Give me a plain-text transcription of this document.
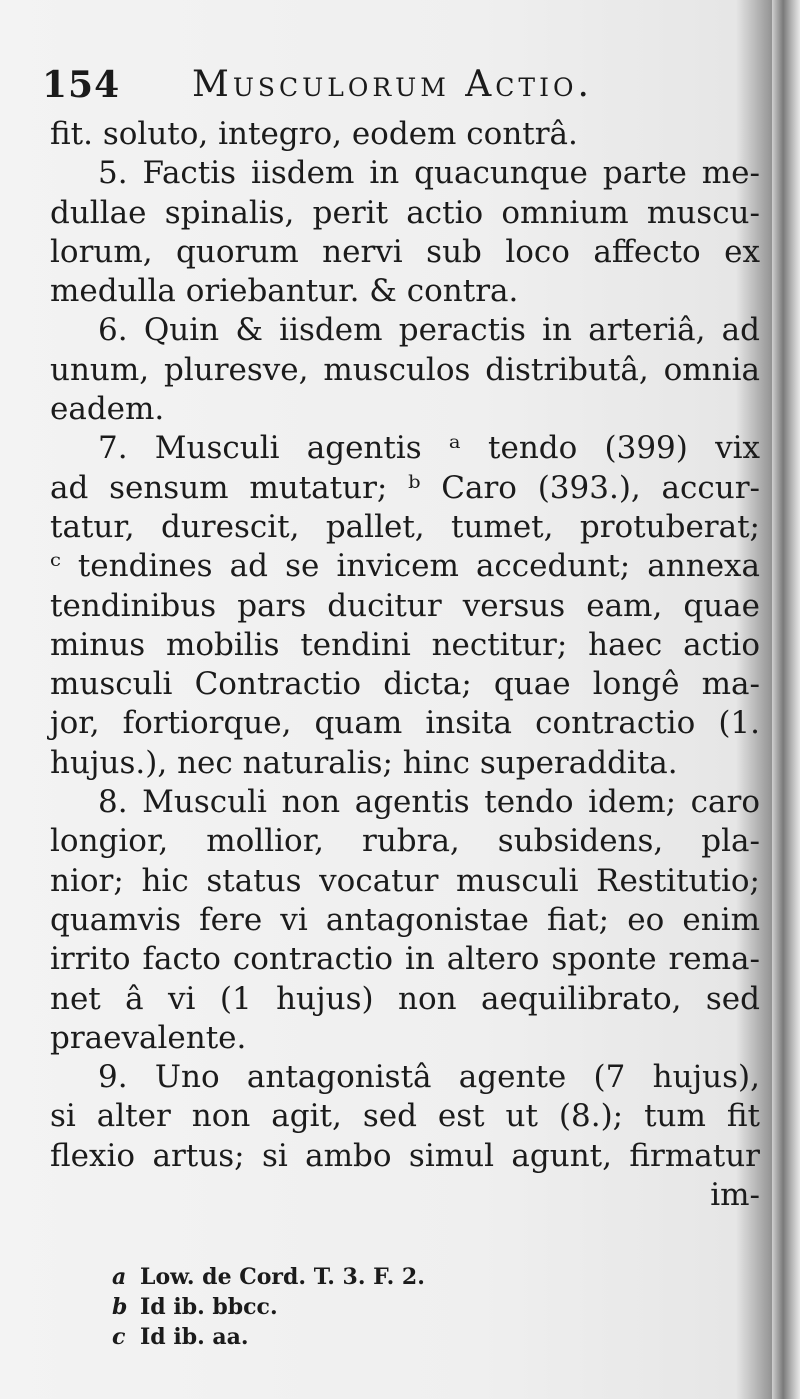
154 Musculorum Actio.
fit. soluto, integro, eodem contrâ.
5. Factis iisdem in quacunque parte me-
dullae spinalis, perit actio omnium muscu-
lorum, quorum nervi sub loco affecto ex
medulla oriebantur. & contra.
6. Quin & iisdem peractis in arteriâ, ad
unum, pluresve, musculos distributâ, omnia
eadem.
7. Musculi agentis ᵃ tendo (399) vix
ad sensum mutatur; ᵇ Caro (393.), accur-
tatur, durescit, pallet, tumet, protuberat;
ᶜ tendines ad se invicem accedunt; annexa
tendinibus pars ducitur versus eam, quae
minus mobilis tendini nectitur; haec actio
musculi Contractio dicta; quae longê ma-
jor, fortiorque, quam insita contractio (1.
hujus.), nec naturalis; hinc superaddita.
8. Musculi non agentis tendo idem; caro
longior, mollior, rubra, subsidens, pla-
nior; hic status vocatur musculi Restitutio;
quamvis fere vi antagonistae fiat; eo enim
irrito facto contractio in altero sponte rema-
net â vi (1 hujus) non aequilibrato, sed
praevalente.
9. Uno antagonistâ agente (7 hujus),
si alter non agit, sed est ut (8.); tum fit
flexio artus; si ambo simul agunt, firmatur
im-
a Low. de Cord. T. 3. F. 2.
b Id ib. bbcc.
c Id ib. aa.
